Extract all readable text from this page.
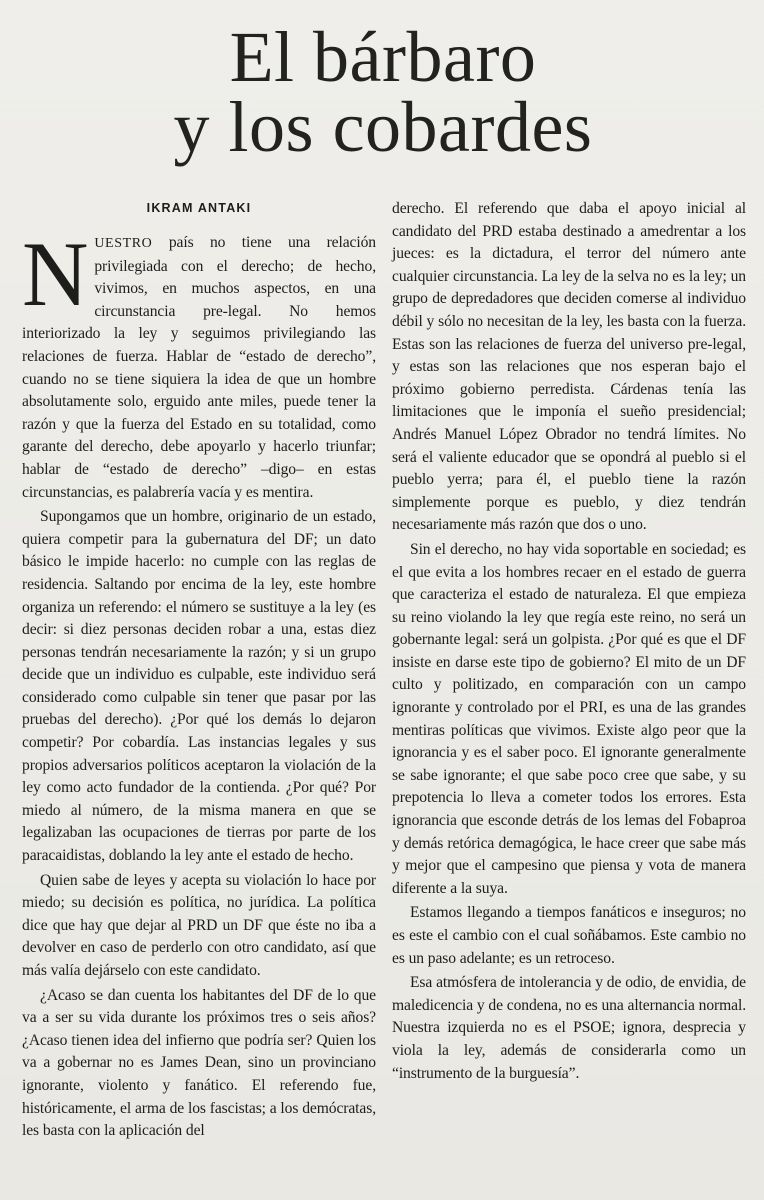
El bárbaro
y los cobardes
IKRAM ANTAKI

NUESTRO país no tiene una relación privilegiada con el derecho; de hecho, vivimos, en muchos aspectos, en una circunstancia pre-legal. No hemos interiorizado la ley y seguimos privilegiando las relaciones de fuerza. Hablar de “estado de derecho”, cuando no se tiene siquiera la idea de que un hombre absolutamente solo, erguido ante miles, puede tener la razón y que la fuerza del Estado en su totalidad, como garante del derecho, debe apoyarlo y hacerlo triunfar; hablar de “estado de derecho” –digo– en estas circunstancias, es palabrería vacía y es mentira.

Supongamos que un hombre, originario de un estado, quiera competir para la gubernatura del DF; un dato básico le impide hacerlo: no cumple con las reglas de residencia. Saltando por encima de la ley, este hombre organiza un referendo: el número se sustituye a la ley (es decir: si diez personas deciden robar a una, estas diez personas tendrán necesariamente la razón; y si un grupo decide que un individuo es culpable, este individuo será considerado como culpable sin tener que pasar por las pruebas del derecho). ¿Por qué los demás lo dejaron competir? Por cobardía. Las instancias legales y sus propios adversarios políticos aceptaron la violación de la ley como acto fundador de la contienda. ¿Por qué? Por miedo al número, de la misma manera en que se legalizaban las ocupaciones de tierras por parte de los paracaidistas, doblando la ley ante el estado de hecho.

Quien sabe de leyes y acepta su violación lo hace por miedo; su decisión es política, no jurídica. La política dice que hay que dejar al PRD un DF que éste no iba a devolver en caso de perderlo con otro candidato, así que más valía dejárselo con este candidato.

¿Acaso se dan cuenta los habitantes del DF de lo que va a ser su vida durante los próximos tres o seis años? ¿Acaso tienen idea del infierno que podría ser? Quien los va a gobernar no es James Dean, sino un provinciano ignorante, violento y fanático. El referendo fue, históricamente, el arma de los fascistas; a los demócratas, les basta con la aplicación del

derecho. El referendo que daba el apoyo inicial al candidato del PRD estaba destinado a amedrentar a los jueces: es la dictadura, el terror del número ante cualquier circunstancia. La ley de la selva no es la ley; un grupo de depredadores que deciden comerse al individuo débil y sólo no necesitan de la ley, les basta con la fuerza. Estas son las relaciones de fuerza del universo pre-legal, y estas son las relaciones que nos esperan bajo el próximo gobierno perredista. Cárdenas tenía las limitaciones que le imponía el sueño presidencial; Andrés Manuel López Obrador no tendrá límites. No será el valiente educador que se opondrá al pueblo si el pueblo yerra; para él, el pueblo tiene la razón simplemente porque es pueblo, y diez tendrán necesariamente más razón que dos o uno.

Sin el derecho, no hay vida soportable en sociedad; es el que evita a los hombres recaer en el estado de guerra que caracteriza el estado de naturaleza. El que empieza su reino violando la ley que regía este reino, no será un gobernante legal: será un golpista. ¿Por qué es que el DF insiste en darse este tipo de gobierno? El mito de un DF culto y politizado, en comparación con un campo ignorante y controlado por el PRI, es una de las grandes mentiras políticas que vivimos. Existe algo peor que la ignorancia y es el saber poco. El ignorante generalmente se sabe ignorante; el que sabe poco cree que sabe, y su prepotencia lo lleva a cometer todos los errores. Esta ignorancia que esconde detrás de los lemas del Fobaproa y demás retórica demagógica, le hace creer que sabe más y mejor que el campesino que piensa y vota de manera diferente a la suya.

Estamos llegando a tiempos fanáticos e inseguros; no es este el cambio con el cual soñábamos. Este cambio no es un paso adelante; es un retroceso.

Esa atmósfera de intolerancia y de odio, de envidia, de maledicencia y de condena, no es una alternancia normal. Nuestra izquierda no es el PSOE; ignora, desprecia y viola la ley, además de considerarla como un “instrumento de la burguesía”.
